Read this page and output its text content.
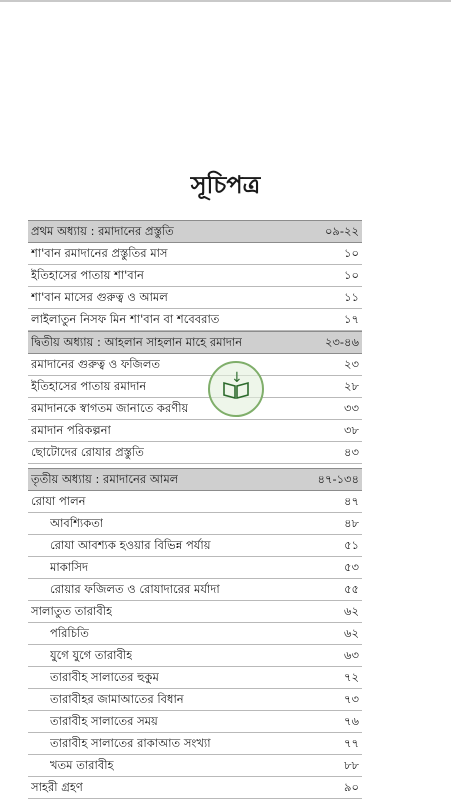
সূচিপত্র
প্রথম অধ্যায় : রমাদানের প্রস্তুতি	০৯-২২
শা'বান রমাদানের প্রস্তুতির মাস	১০
ইতিহাসের পাতায় শা'বান	১০
শা'বান মাসের গুরুত্ব ও আমল	১১
লাইলাতুন নিসফ মিন শা'বান বা শবেবরাত	১৭
দ্বিতীয় অধ্যায় : আহলান সাহলান মাহে রমাদান	২৩-৪৬
রমাদানের গুরুত্ব ও ফজিলত	২৩
ইতিহাসের পাতায় রমাদান	২৮
রমাদানকে স্বাগতম জানাতে করণীয়	৩৩
রমাদান পরিকল্পনা	৩৮
ছোটোদের রোযার প্রস্তুতি	৪৩
তৃতীয় অধ্যায় : রমাদানের আমল	৪৭-১৩৪
রোযা পালন	৪৭
আবশ্যিকতা	৪৮
রোযা আবশ্যক হওয়ার বিভিন্ন পর্যায়	৫১
মাকাসিদ	৫৩
রোয়ার ফজিলত ও রোযাদারের মর্যাদা	৫৫
সালাতুত তারাবীহ	৬২
পরিচিতি	৬২
যুগে যুগে তারাবীহ	৬৩
তারাবীহ সালাতের হুকুম	৭২
তারাবীহর জামাআতের বিধান	৭৩
তারাবীহ সালাতের সময়	৭৬
তারাবীহ সালাতের রাকাআত সংখ্যা	৭৭
খতম তারাবীহ	৮৮
সাহরী গ্রহণ	৯০
↓
